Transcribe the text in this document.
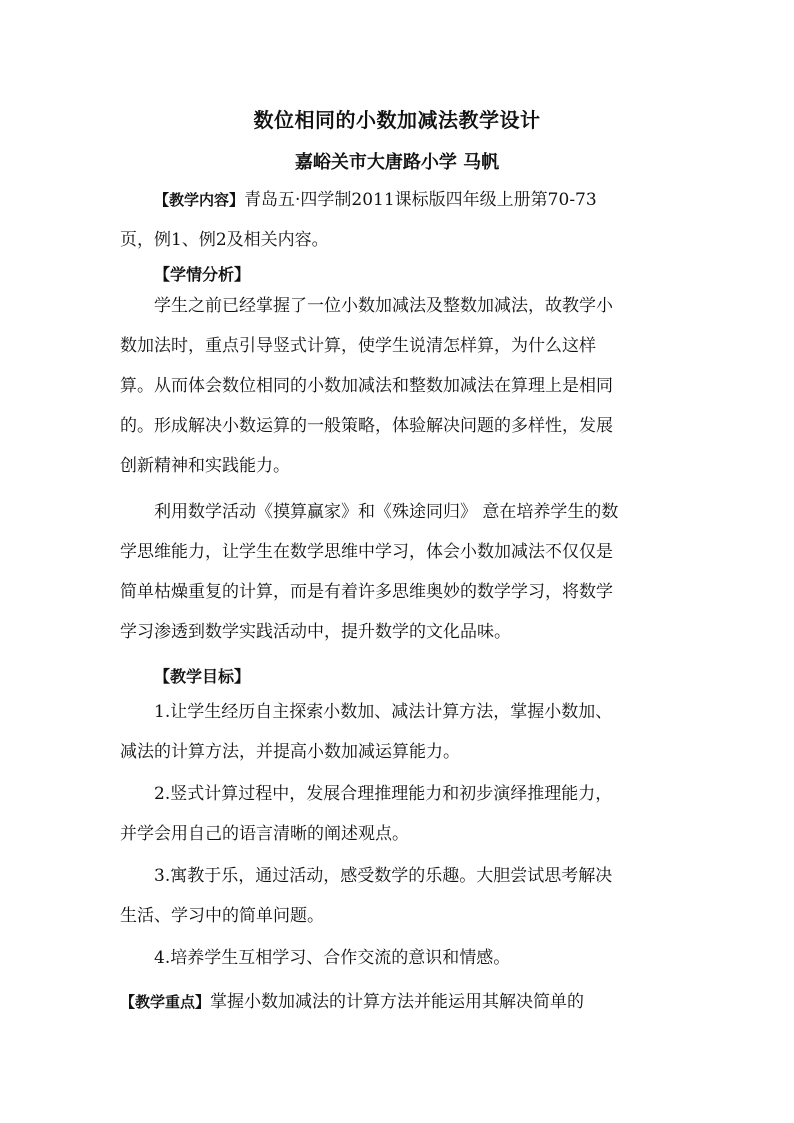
数位相同的小数加减法教学设计
嘉峪关市大唐路小学 马帆
【教学内容】青岛五·四学制2011课标版四年级上册第70-73
页，例1、例2及相关内容。
【学情分析】
学生之前已经掌握了一位小数加减法及整数加减法，故教学小
数加法时，重点引导竖式计算，使学生说清怎样算，为什么这样
算。从而体会数位相同的小数加减法和整数加减法在算理上是相同
的。形成解决小数运算的一般策略，体验解决问题的多样性，发展
创新精神和实践能力。
利用数学活动《摸算赢家》和《殊途同归》 意在培养学生的数
学思维能力，让学生在数学思维中学习，体会小数加减法不仅仅是
简单枯燥重复的计算，而是有着许多思维奥妙的数学学习，将数学
学习渗透到数学实践活动中，提升数学的文化品味。
【教学目标】
1.让学生经历自主探索小数加、减法计算方法，掌握小数加、
减法的计算方法，并提高小数加减运算能力。
2.竖式计算过程中，发展合理推理能力和初步演绎推理能力，
并学会用自己的语言清晰的阐述观点。
3.寓教于乐，通过活动，感受数学的乐趣。大胆尝试思考解决
生活、学习中的简单问题。
4.培养学生互相学习、合作交流的意识和情感。
【教学重点】掌握小数加减法的计算方法并能运用其解决简单的
